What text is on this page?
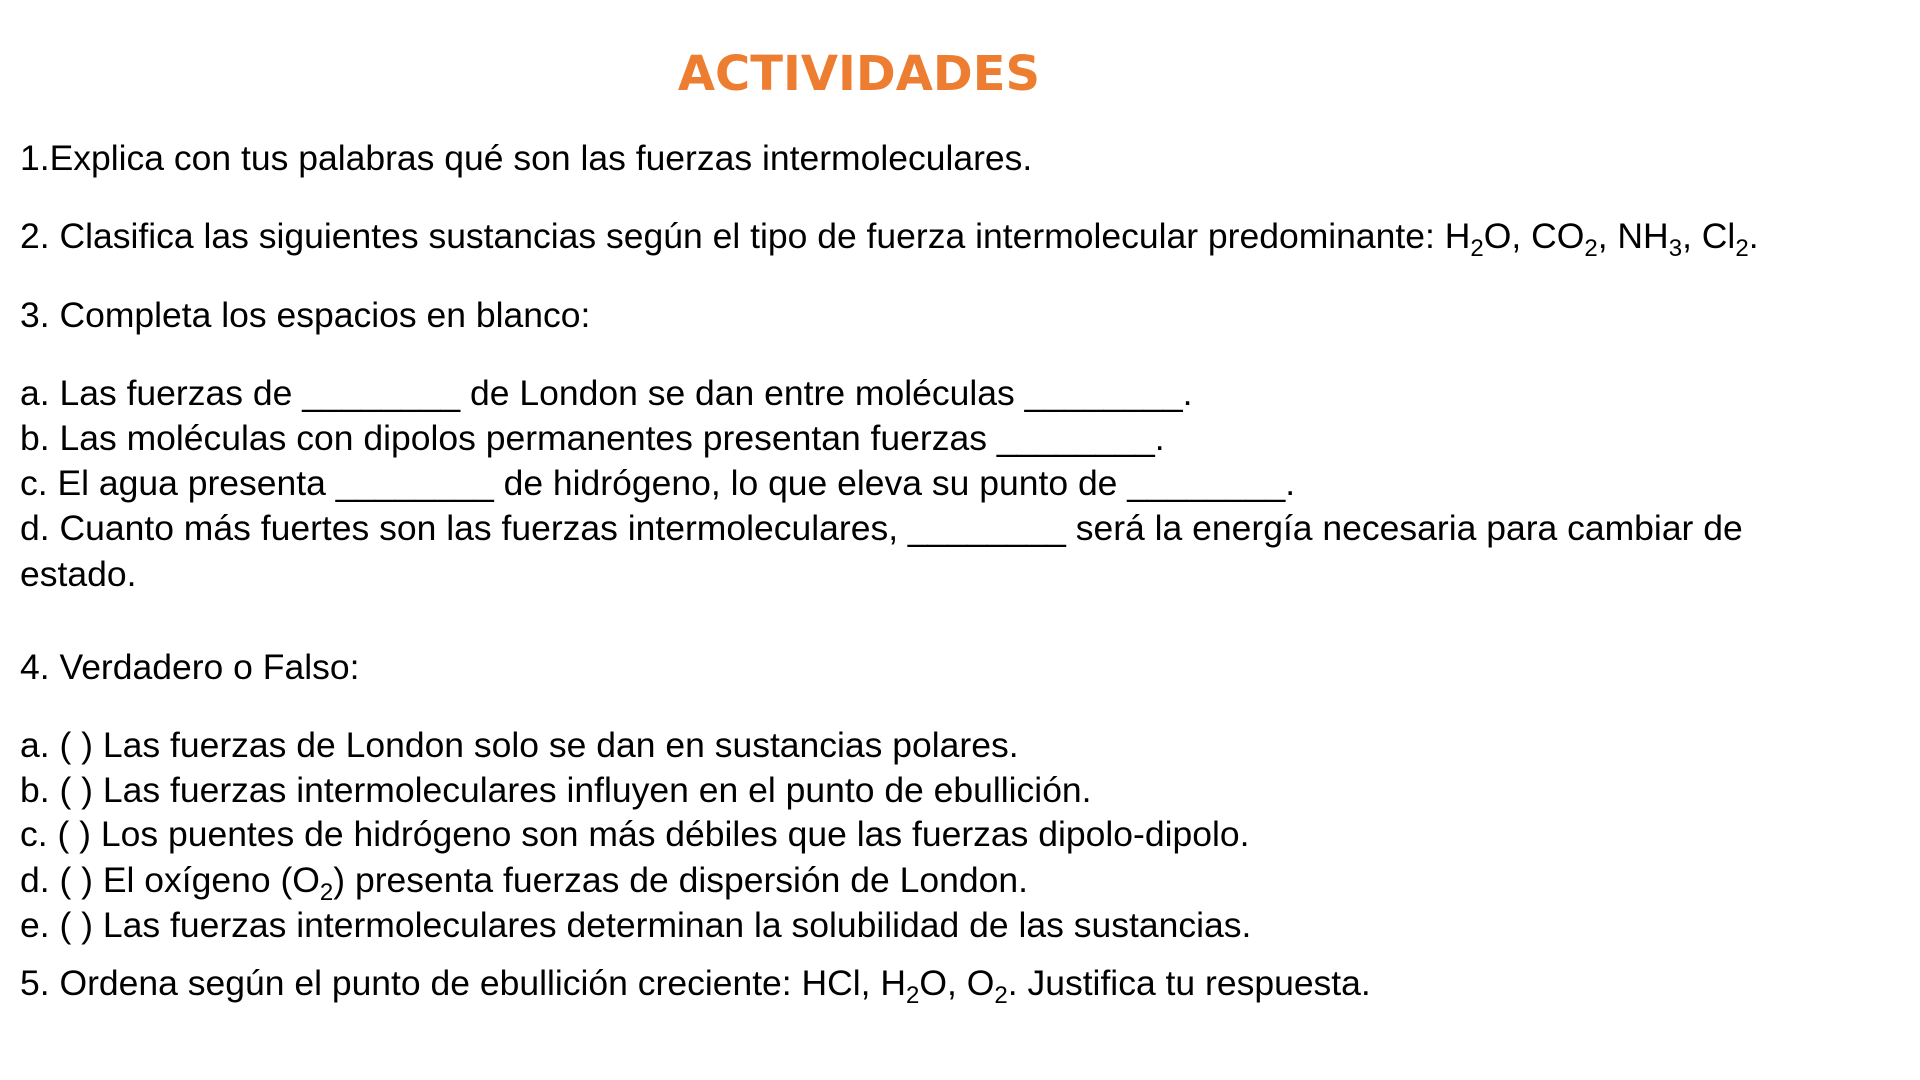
ACTIVIDADES
1.Explica con tus palabras qué son las fuerzas intermoleculares.
2. Clasifica las siguientes sustancias según el tipo de fuerza intermolecular predominante: $H_2O$, $CO_2$, $NH_3$, $Cl_2$.
3. Completa los espacios en blanco:
a. Las fuerzas de ________ de London se dan entre moléculas ________.
b. Las moléculas con dipolos permanentes presentan fuerzas ________.
c. El agua presenta ________ de hidrógeno, lo que eleva su punto de ________.
d. Cuanto más fuertes son las fuerzas intermoleculares, ________ será la energía necesaria para cambiar de
estado.
4. Verdadero o Falso:
a. ( ) Las fuerzas de London solo se dan en sustancias polares.
b. ( ) Las fuerzas intermoleculares influyen en el punto de ebullición.
c. ( ) Los puentes de hidrógeno son más débiles que las fuerzas dipolo-dipolo.
d. ( ) El oxígeno $(O_2)$ presenta fuerzas de dispersión de London.
e. ( ) Las fuerzas intermoleculares determinan la solubilidad de las sustancias.
5. Ordena según el punto de ebullición creciente: HCl, $H_2O$, $O_2$. Justifica tu respuesta.
